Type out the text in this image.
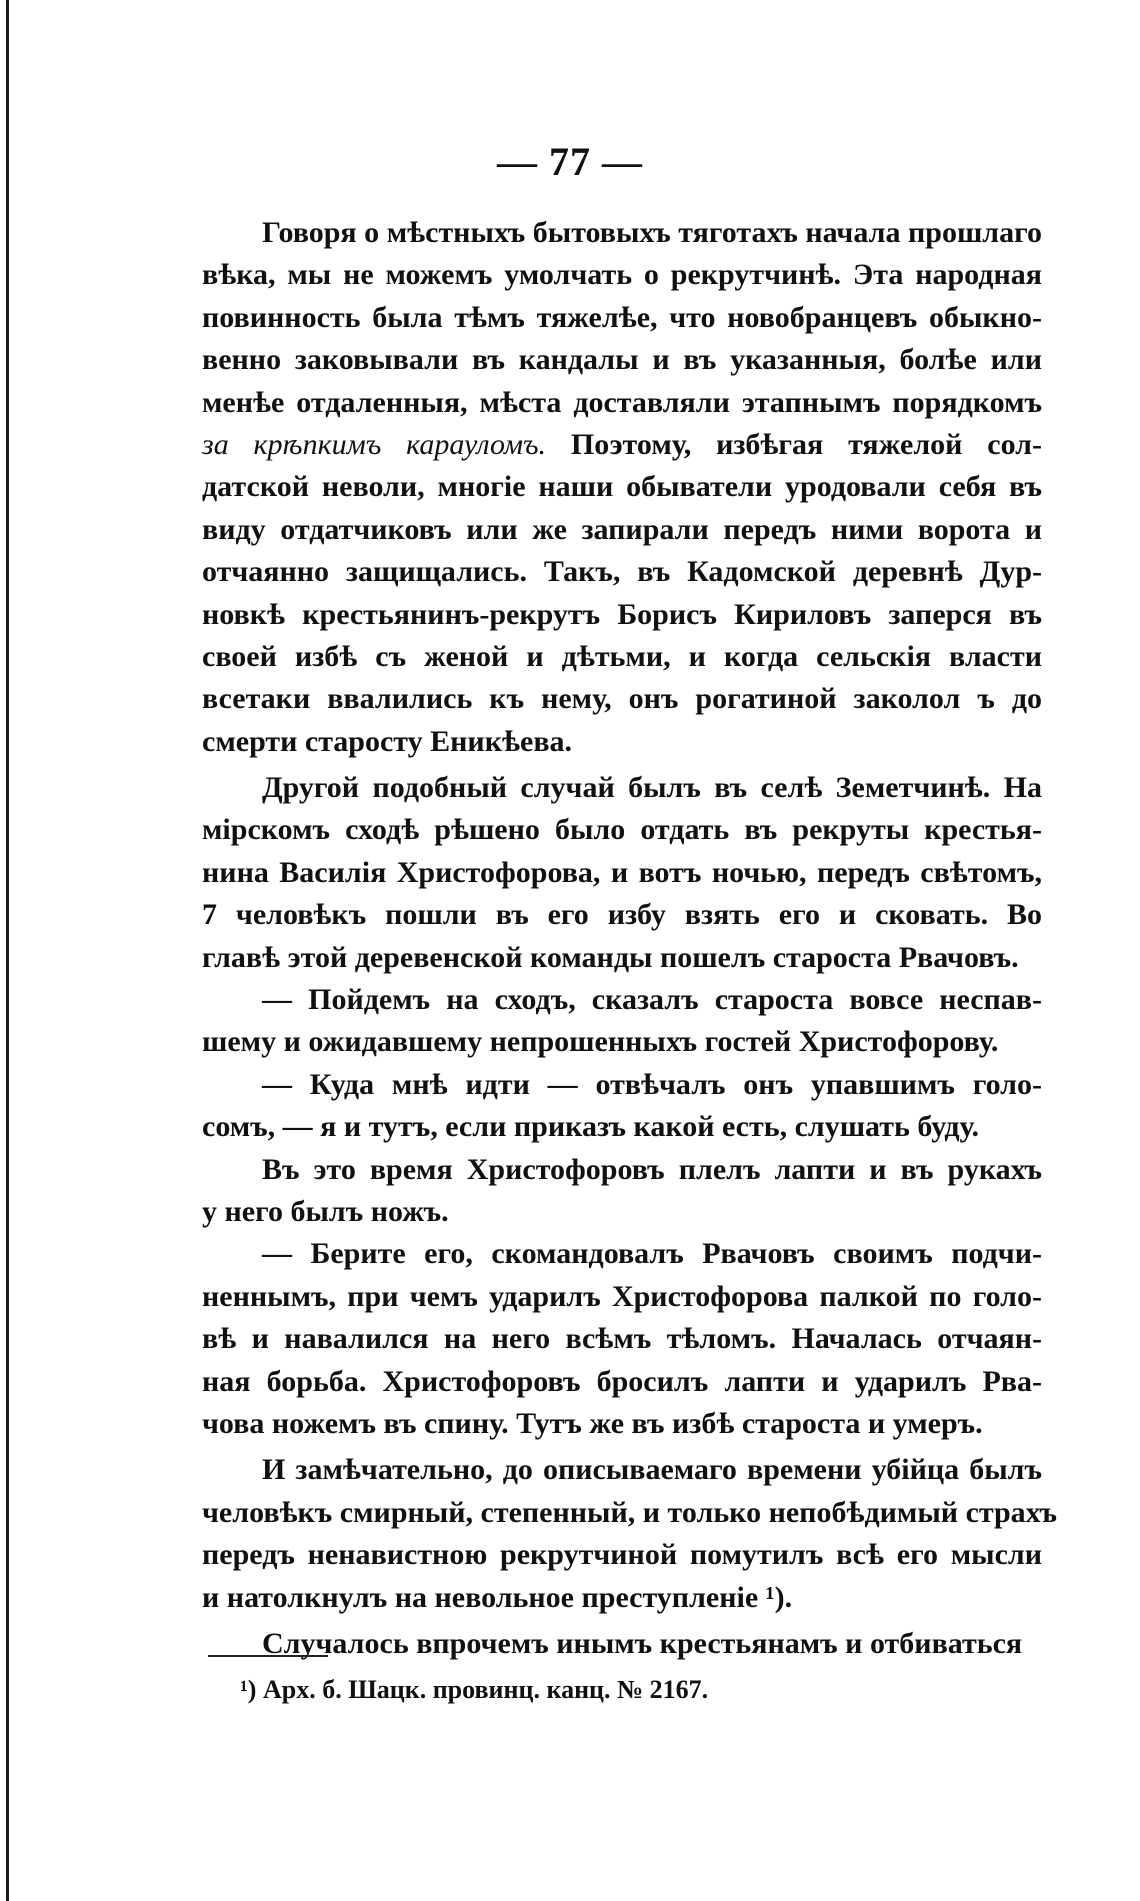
— 77 —
Говоря о мѣстныхъ бытовыхъ тяготахъ начала прошлаго
вѣка, мы не можемъ умолчать о рекрутчинѣ. Эта народная
повинность была тѣмъ тяжелѣе, что новобранцевъ обыкно-
венно заковывали въ кандалы и въ указанныя, болѣе или
менѣе отдаленныя, мѣста доставляли этапнымъ порядкомъ
за крѣпкимъ карауломъ. Поэтому, избѣгая тяжелой сол-
датской неволи, многіе наши обыватели уродовали себя въ
виду отдатчиковъ или же запирали передъ ними ворота и
отчаянно защищались. Такъ, въ Кадомской деревнѣ Дур-
новкѣ крестьянинъ-рекрутъ Борисъ Кириловъ заперся въ
своей избѣ съ женой и дѣтьми, и когда сельскія власти
всетаки ввалились къ нему, онъ рогатиной заколол ъ до
смерти старосту Еникѣева.
Другой подобный случай былъ въ селѣ Земетчинѣ. На
мірскомъ сходѣ рѣшено было отдать въ рекруты крестья-
нина Василія Христофорова, и вотъ ночью, передъ свѣтомъ,
7 человѣкъ пошли въ его избу взять его и сковать. Во
главѣ этой деревенской команды пошелъ староста Рвачовъ.
— Пойдемъ на сходъ, сказалъ староста вовсе неспав-
шему и ожидавшему непрошенныхъ гостей Христофорову.
— Куда мнѣ идти — отвѣчалъ онъ упавшимъ голо-
сомъ, — я и тутъ, если приказъ какой есть, слушать буду.
Въ это время Христофоровъ плелъ лапти и въ рукахъ
у него былъ ножъ.
— Берите его, скомандовалъ Рвачовъ своимъ подчи-
неннымъ, при чемъ ударилъ Христофорова палкой по голо-
вѣ и навалился на него всѣмъ тѣломъ. Началась отчаян-
ная борьба. Христофоровъ бросилъ лапти и ударилъ Рва-
чова ножемъ въ спину. Тутъ же въ избѣ староста и умеръ.
И замѣчательно, до описываемаго времени убійца былъ
человѣкъ смирный, степенный, и только непобѣдимый страхъ
передъ ненавистною рекрутчиной помутилъ всѣ его мысли
и натолкнулъ на невольное преступленіе ¹).
Случалось впрочемъ инымъ крестьянамъ и отбиваться
¹) Арх. б. Шацк. провинц. канц. № 2167.
